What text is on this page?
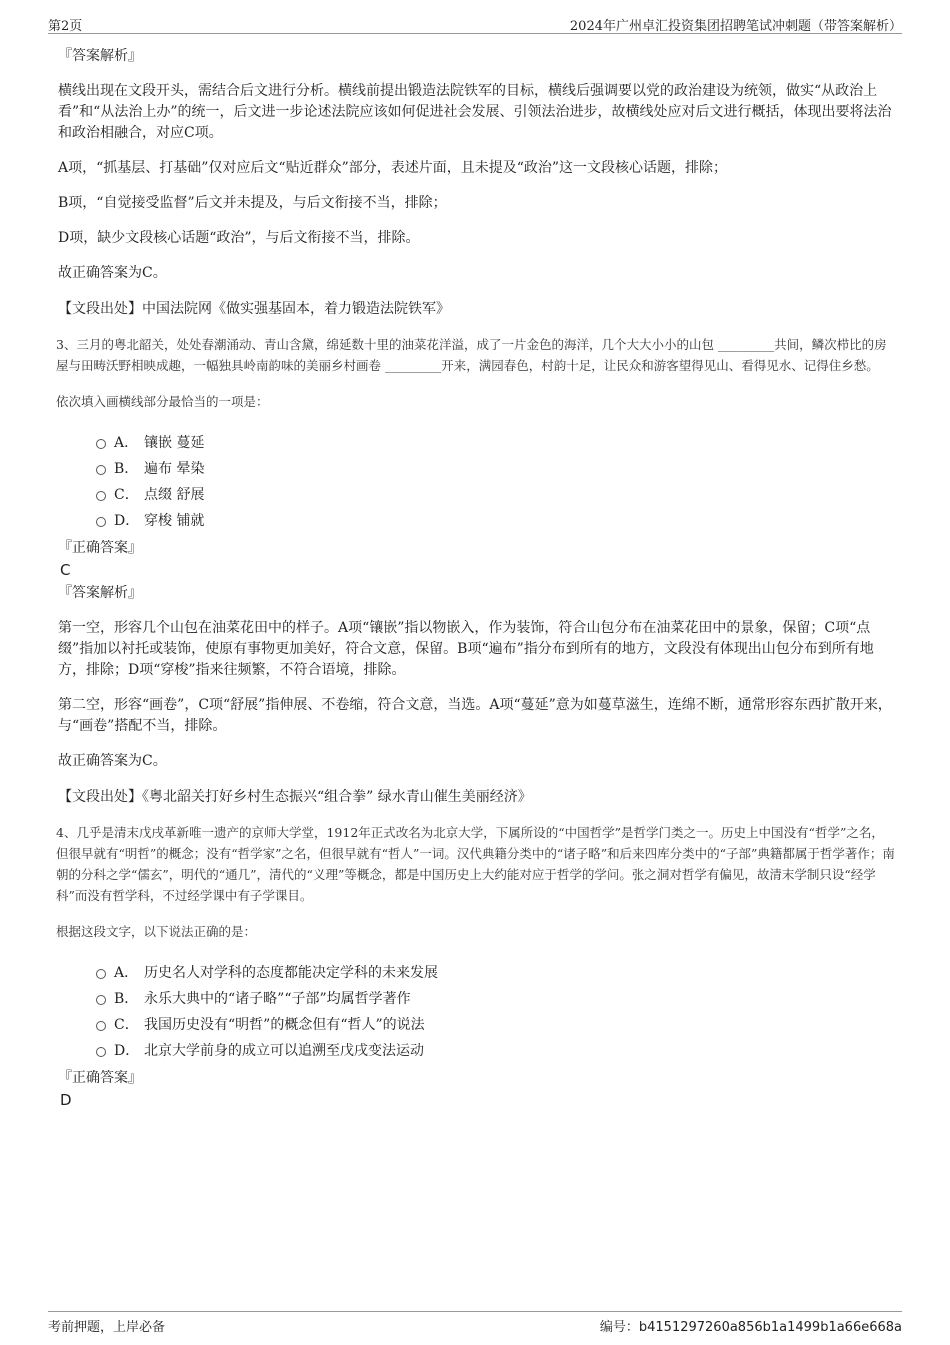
第2页	2024年广州卓汇投资集团招聘笔试冲刺题（带答案解析）
『答案解析』
横线出现在文段开头，需结合后文进行分析。横线前提出锻造法院铁军的目标，横线后强调要以党的政治建设为统领，做实“从政治上看”和“从法治上办”的统一，后文进一步论述法院应该如何促进社会发展、引领法治进步，故横线处应对后文进行概括，体现出要将法治和政治相融合，对应C项。
A项，“抓基层、打基础”仅对应后文“贴近群众”部分，表述片面，且未提及“政治”这一文段核心话题，排除；
B项，“自觉接受监督”后文并未提及，与后文衔接不当，排除；
D项，缺少文段核心话题“政治”，与后文衔接不当，排除。
故正确答案为C。
【文段出处】中国法院网《做实强基固本，着力锻造法院铁军》
3、三月的粤北韶关，处处春潮涌动、青山含黛，绵延数十里的油菜花洋溢，成了一片金色的海洋，几个大大小小的山包 _________共间，鳞次栉比的房屋与田畴沃野相映成趣，一幅独具岭南韵味的美丽乡村画卷 _________开来，满园春色，村韵十足，让民众和游客望得见山、看得见水、记得住乡愁。
依次填入画横线部分最恰当的一项是：
A． 镶嵌 蔓延
B． 遍布 晕染
C． 点缀 舒展
D． 穿梭 铺就
『正确答案』
C
『答案解析』
第一空，形容几个山包在油菜花田中的样子。A项“镶嵌”指以物嵌入，作为装饰，符合山包分布在油菜花田中的景象，保留；C项“点缀”指加以衬托或装饰，使原有事物更加美好，符合文意，保留。B项“遍布”指分布到所有的地方，文段没有体现出山包分布到所有地方，排除；D项“穿梭”指来往频繁，不符合语境，排除。
第二空，形容“画卷”，C项“舒展”指伸展、不卷缩，符合文意，当选。A项“蔓延”意为如蔓草滋生，连绵不断，通常形容东西扩散开来，与“画卷”搭配不当，排除。
故正确答案为C。
【文段出处】《粤北韶关打好乡村生态振兴“组合拳” 绿水青山催生美丽经济》
4、几乎是清末戊戌革新唯一遗产的京师大学堂，1912年正式改名为北京大学，下属所设的“中国哲学”是哲学门类之一。历史上中国没有“哲学”之名，但很早就有“明哲”的概念；没有“哲学家”之名，但很早就有“哲人”一词。汉代典籍分类中的“诸子略”和后来四库分类中的“子部”典籍都属于哲学著作；南朝的分科之学“儒玄”，明代的“通几”，清代的“义理”等概念，都是中国历史上大约能对应于哲学的学问。张之洞对哲学有偏见，故清末学制只设“经学科”而没有哲学科，不过经学课中有子学课目。
根据这段文字，以下说法正确的是：
A． 历史名人对学科的态度都能决定学科的未来发展
B． 永乐大典中的“诸子略”“子部”均属哲学著作
C． 我国历史没有“明哲”的概念但有“哲人”的说法
D． 北京大学前身的成立可以追溯至戊戌变法运动
『正确答案』
D
考前押题，上岸必备	编号：b4151297260a856b1a1499b1a66e668a
